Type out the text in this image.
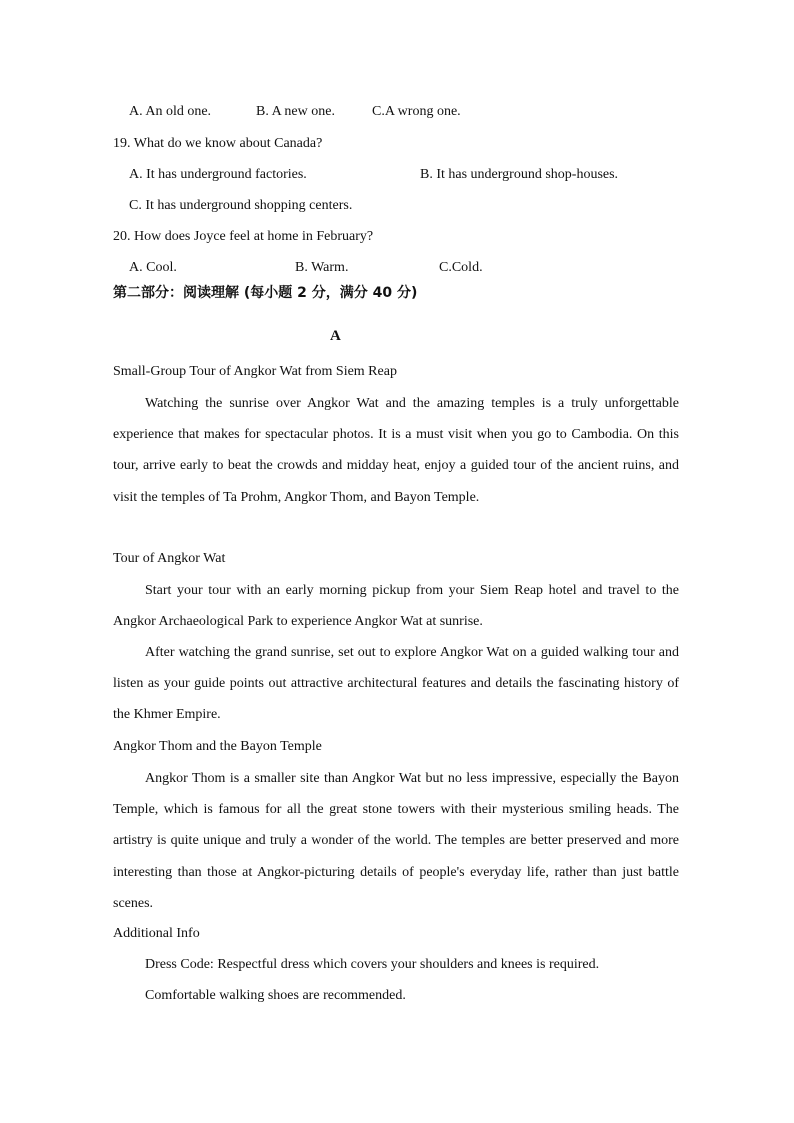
A. An old one.	B. A new one.	C.A wrong one.
19. What do we know about Canada?
A. It has underground factories.	B. It has underground shop-houses.
C. It has underground shopping centers.
20. How does Joyce feel at home in February?
A. Cool.	B. Warm.	C.Cold.
第二部分：阅读理解 (每小题 2 分，满分 40 分)
A
Small-Group Tour of Angkor Wat from Siem Reap
Watching the sunrise over Angkor Wat and the amazing temples is a truly unforgettable experience that makes for spectacular photos. It is a must visit when you go to Cambodia. On this tour, arrive early to beat the crowds and midday heat, enjoy a guided tour of the ancient ruins, and visit the temples of Ta Prohm, Angkor Thom, and Bayon Temple.
Tour of Angkor Wat
Start your tour with an early morning pickup from your Siem Reap hotel and travel to the Angkor Archaeological Park to experience Angkor Wat at sunrise.
After watching the grand sunrise, set out to explore Angkor Wat on a guided walking tour and listen as your guide points out attractive architectural features and details the fascinating history of the Khmer Empire.
Angkor Thom and the Bayon Temple
Angkor Thom is a smaller site than Angkor Wat but no less impressive, especially the Bayon Temple, which is famous for all the great stone towers with their mysterious smiling heads. The artistry is quite unique and truly a wonder of the world. The temples are better preserved and more interesting than those at Angkor-picturing details of people's everyday life, rather than just battle scenes.
Additional Info
Dress Code: Respectful dress which covers your shoulders and knees is required.
Comfortable walking shoes are recommended.
